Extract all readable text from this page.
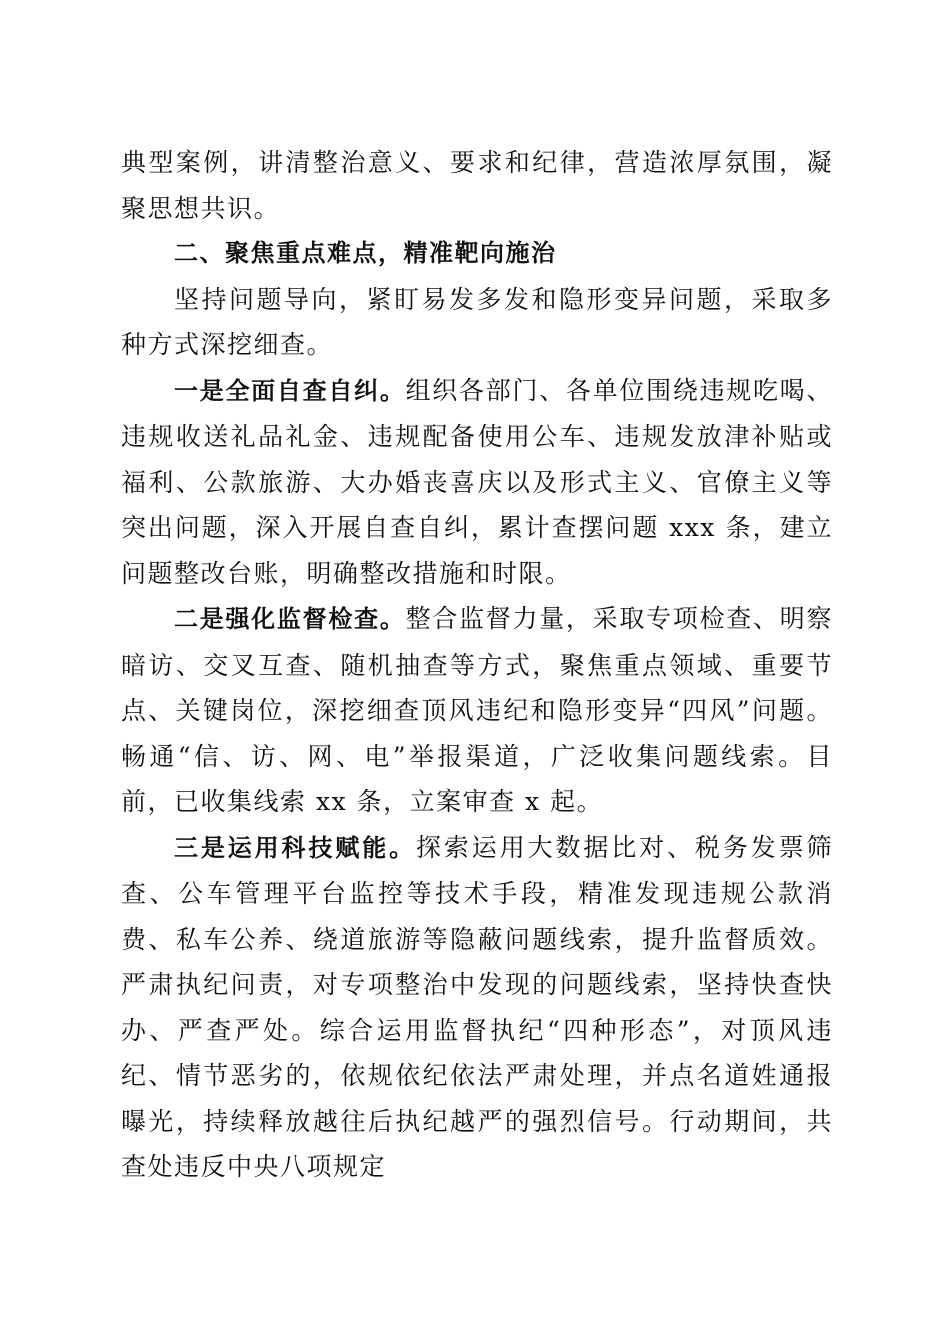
典型案例，讲清整治意义、要求和纪律，营造浓厚氛围，凝聚思想共识。

二、聚焦重点难点，精准靶向施治

坚持问题导向，紧盯易发多发和隐形变异问题，采取多种方式深挖细查。

一是全面自查自纠。组织各部门、各单位围绕违规吃喝、违规收送礼品礼金、违规配备使用公车、违规发放津补贴或福利、公款旅游、大办婚丧喜庆以及形式主义、官僚主义等突出问题，深入开展自查自纠，累计查摆问题 xxx 条，建立问题整改台账，明确整改措施和时限。

二是强化监督检查。整合监督力量，采取专项检查、明察暗访、交叉互查、随机抽查等方式，聚焦重点领域、重要节点、关键岗位，深挖细查顶风违纪和隐形变异“四风”问题。畅通“信、访、网、电”举报渠道，广泛收集问题线索。目前，已收集线索 xx 条，立案审查 x 起。

三是运用科技赋能。探索运用大数据比对、税务发票筛查、公车管理平台监控等技术手段，精准发现违规公款消费、私车公养、绕道旅游等隐蔽问题线索，提升监督质效。严肃执纪问责，对专项整治中发现的问题线索，坚持快查快办、严查严处。综合运用监督执纪“四种形态”，对顶风违纪、情节恶劣的，依规依纪依法严肃处理，并点名道姓通报曝光，持续释放越往后执纪越严的强烈信号。行动期间，共查处违反中央八项规定
